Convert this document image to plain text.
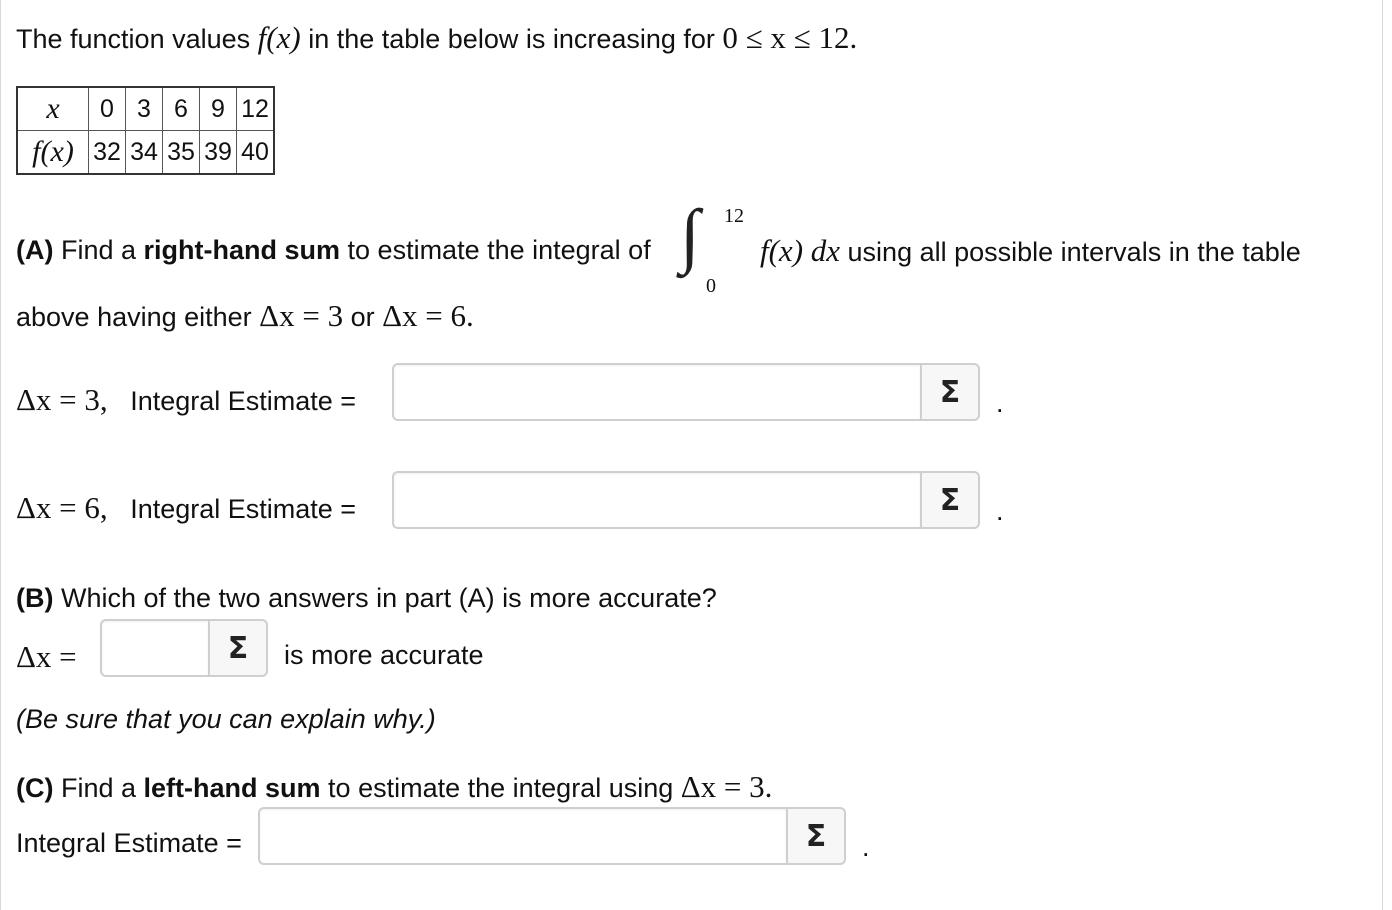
The function values f(x) in the table below is increasing for 0 ≤ x ≤ 12.
x	0	3	6	9	12
f(x)	32	34	35	39	40
(A) Find a right-hand sum to estimate the integral of ∫ 12
0
f(x) dx using all possible intervals in the table
above having either Δx = 3 or Δx = 6.
Δx = 3, Integral Estimate =	Σ	.
Δx = 6, Integral Estimate =	Σ	.
(B) Which of the two answers in part (A) is more accurate?
Δx =	Σ	is more accurate
(Be sure that you can explain why.)
(C) Find a left-hand sum to estimate the integral using Δx = 3.
Integral Estimate =	Σ	.
